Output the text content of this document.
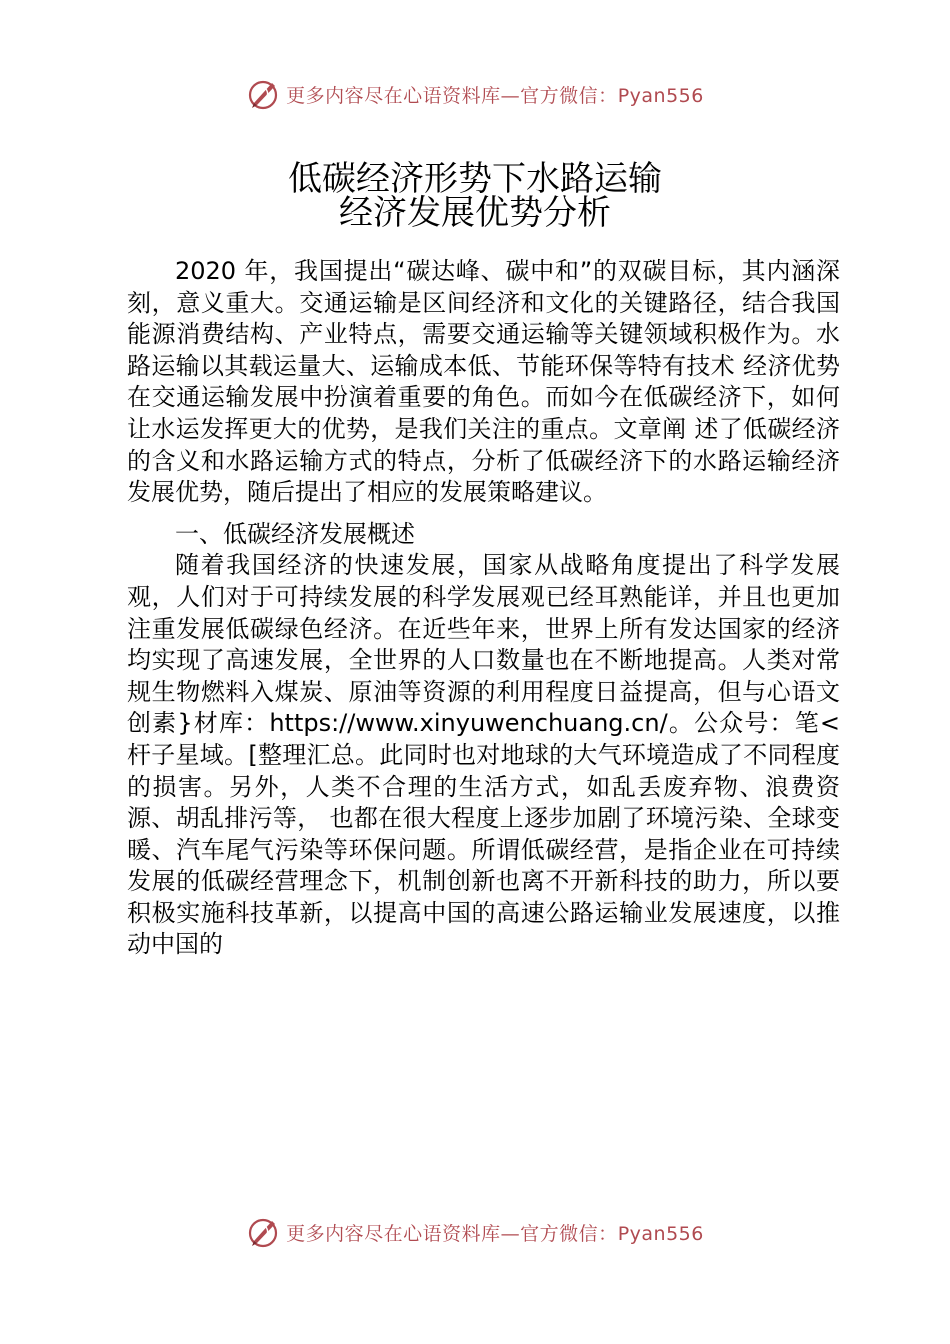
更多内容尽在心语资料库—官方微信：Pyan556
低碳经济形势下水路运输
经济发展优势分析

2020 年，我国提出“碳达峰、碳中和”的双碳目标，其内涵深刻，意义重大。交通运输是区间经济和文化的关键路径，结合我国能源消费结构、产业特点，需要交通运输等关键领域积极作为。水路运输以其载运量大、运输成本低、节能环保等特有技术 经济优势在交通运输发展中扮演着重要的角色。而如今在低碳经济下，如何让水运发挥更大的优势，是我们关注的重点。文章阐 述了低碳经济的含义和水路运输方式的特点，分析了低碳经济下的水路运输经济发展优势，随后提出了相应的发展策略建议。

一、低碳经济发展概述

随着我国经济的快速发展，国家从战略角度提出了科学发展观，人们对于可持续发展的科学发展观已经耳熟能详，并且也更加注重发展低碳绿色经济。在近些年来，世界上所有发达国家的经济均实现了高速发展，全世界的人口数量也在不断地提高。人类对常规生物燃料入煤炭、原油等资源的利用程度日益提高，但与心语文创素}材库：https://www.xinyuwenchuang.cn/。公众号：笔<杆子星域。[整理汇总。此同时也对地球的大气环境造成了不同程度的损害。另外，人类不合理的生活方式，如乱丢废弃物、浪费资源、胡乱排污等， 也都在很大程度上逐步加剧了环境污染、全球变暖、汽车尾气污染等环保问题。所谓低碳经营，是指企业在可持续发展的低碳经营理念下，机制创新也离不开新科技的助力，所以要积极实施科技革新，以提高中国的高速公路运输业发展速度，以推动中国的

更多内容尽在心语资料库—官方微信：Pyan556
